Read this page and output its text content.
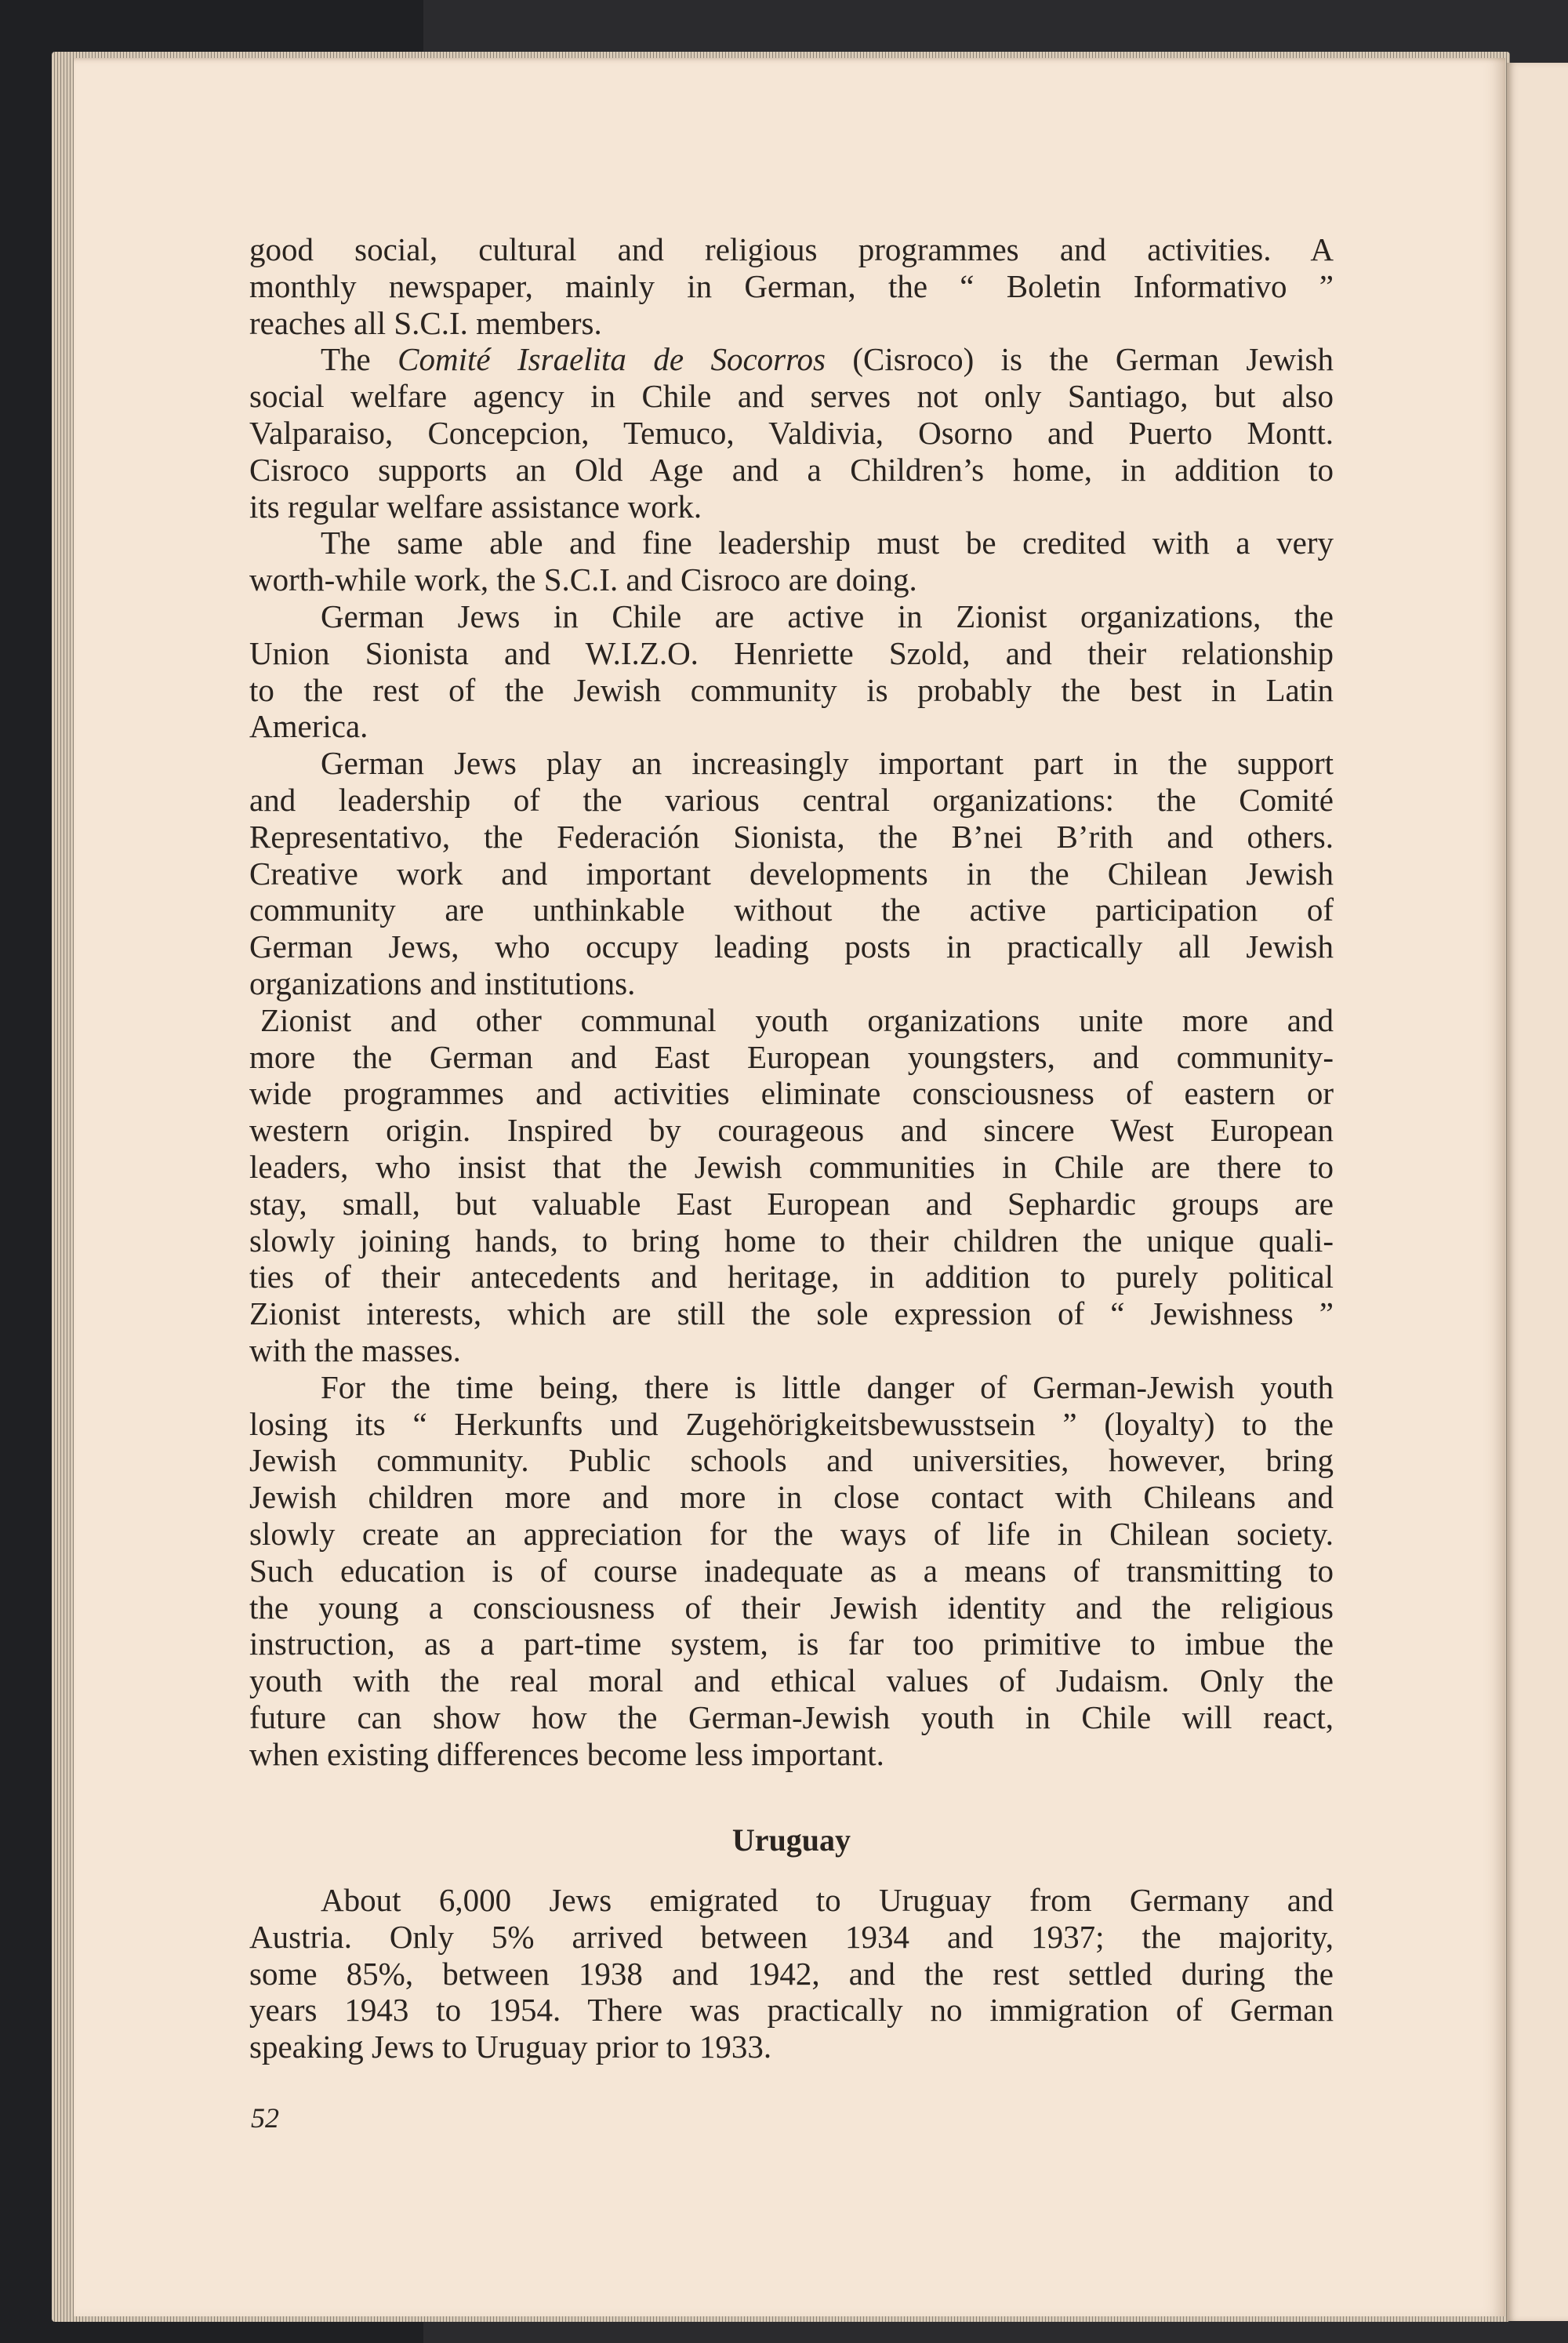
good social, cultural and religious programmes and activities. A
monthly newspaper, mainly in German, the “ Boletin Informativo ”
reaches all S.C.I. members.
The Comité Israelita de Socorros (Cisroco) is the German Jewish
social welfare agency in Chile and serves not only Santiago, but also
Valparaiso, Concepcion, Temuco, Valdivia, Osorno and Puerto Montt.
Cisroco supports an Old Age and a Children’s home, in addition to
its regular welfare assistance work.
The same able and fine leadership must be credited with a very
worth-while work, the S.C.I. and Cisroco are doing.
German Jews in Chile are active in Zionist organizations, the
Union Sionista and W.I.Z.O. Henriette Szold, and their relationship
to the rest of the Jewish community is probably the best in Latin
America.
German Jews play an increasingly important part in the support
and leadership of the various central organizations: the Comité
Representativo, the Federación Sionista, the B’nei B’rith and others.
Creative work and important developments in the Chilean Jewish
community are unthinkable without the active participation of
German Jews, who occupy leading posts in practically all Jewish
organizations and institutions.
Zionist and other communal youth organizations unite more and
more the German and East European youngsters, and community-
wide programmes and activities eliminate consciousness of eastern or
western origin. Inspired by courageous and sincere West European
leaders, who insist that the Jewish communities in Chile are there to
stay, small, but valuable East European and Sephardic groups are
slowly joining hands, to bring home to their children the unique quali-
ties of their antecedents and heritage, in addition to purely political
Zionist interests, which are still the sole expression of “ Jewishness ”
with the masses.
For the time being, there is little danger of German-Jewish youth
losing its “ Herkunfts und Zugehörigkeitsbewusstsein ” (loyalty) to the
Jewish community. Public schools and universities, however, bring
Jewish children more and more in close contact with Chileans and
slowly create an appreciation for the ways of life in Chilean society.
Such education is of course inadequate as a means of transmitting to
the young a consciousness of their Jewish identity and the religious
instruction, as a part-time system, is far too primitive to imbue the
youth with the real moral and ethical values of Judaism. Only the
future can show how the German-Jewish youth in Chile will react,
when existing differences become less important.
Uruguay
About 6,000 Jews emigrated to Uruguay from Germany and
Austria. Only 5% arrived between 1934 and 1937; the majority,
some 85%, between 1938 and 1942, and the rest settled during the
years 1943 to 1954. There was practically no immigration of German
speaking Jews to Uruguay prior to 1933.
52
